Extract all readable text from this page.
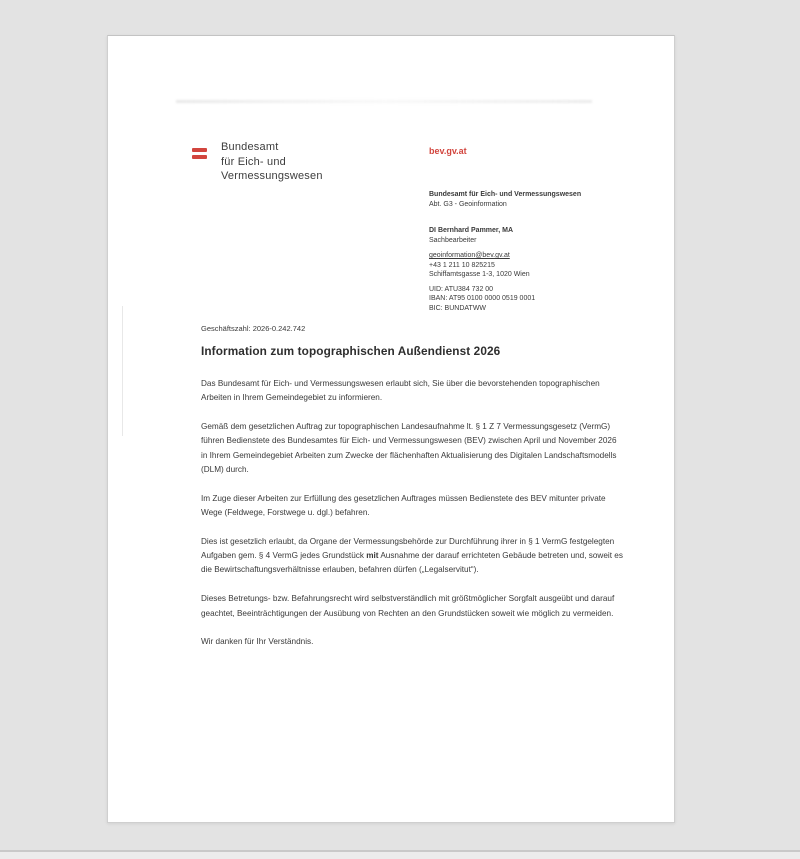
Bundesamt
für Eich- und
Vermessungswesen
bev.gv.at
Bundesamt für Eich- und Vermessungswesen
Abt. G3 - Geoinformation
DI Bernhard Pammer, MA
Sachbearbeiter
geoinformation@bev.gv.at
+43 1 211 10 825215
Schiffamtsgasse 1-3, 1020 Wien
UID: ATU384 732 00
IBAN: AT95 0100 0000 0519 0001
BIC: BUNDATWW
Geschäftszahl: 2026-0.242.742
Information zum topographischen Außendienst 2026

Das Bundesamt für Eich- und Vermessungswesen erlaubt sich, Sie über die bevorstehenden topographischen Arbeiten in Ihrem Gemeindegebiet zu informieren.

Gemäß dem gesetzlichen Auftrag zur topographischen Landesaufnahme lt. § 1 Z 7 Vermessungsgesetz (VermG) führen Bedienstete des Bundesamtes für Eich- und Vermessungswesen (BEV) zwischen April und November 2026 in Ihrem Gemeindegebiet Arbeiten zum Zwecke der flächenhaften Aktualisierung des Digitalen Landschaftsmodells (DLM) durch.

Im Zuge dieser Arbeiten zur Erfüllung des gesetzlichen Auftrages müssen Bedienstete des BEV mitunter private Wege (Feldwege, Forstwege u. dgl.) befahren.

Dies ist gesetzlich erlaubt, da Organe der Vermessungsbehörde zur Durchführung ihrer in § 1 VermG festgelegten Aufgaben gem. § 4 VermG jedes Grundstück mit Ausnahme der darauf errichteten Gebäude betreten und, soweit es die Bewirtschaftungsverhältnisse erlauben, befahren dürfen („Legalservitut“).

Dieses Betretungs- bzw. Befahrungsrecht wird selbstverständlich mit größtmöglicher Sorgfalt ausgeübt und darauf geachtet, Beeinträchtigungen der Ausübung von Rechten an den Grundstücken soweit wie möglich zu vermeiden.

Wir danken für Ihr Verständnis.
